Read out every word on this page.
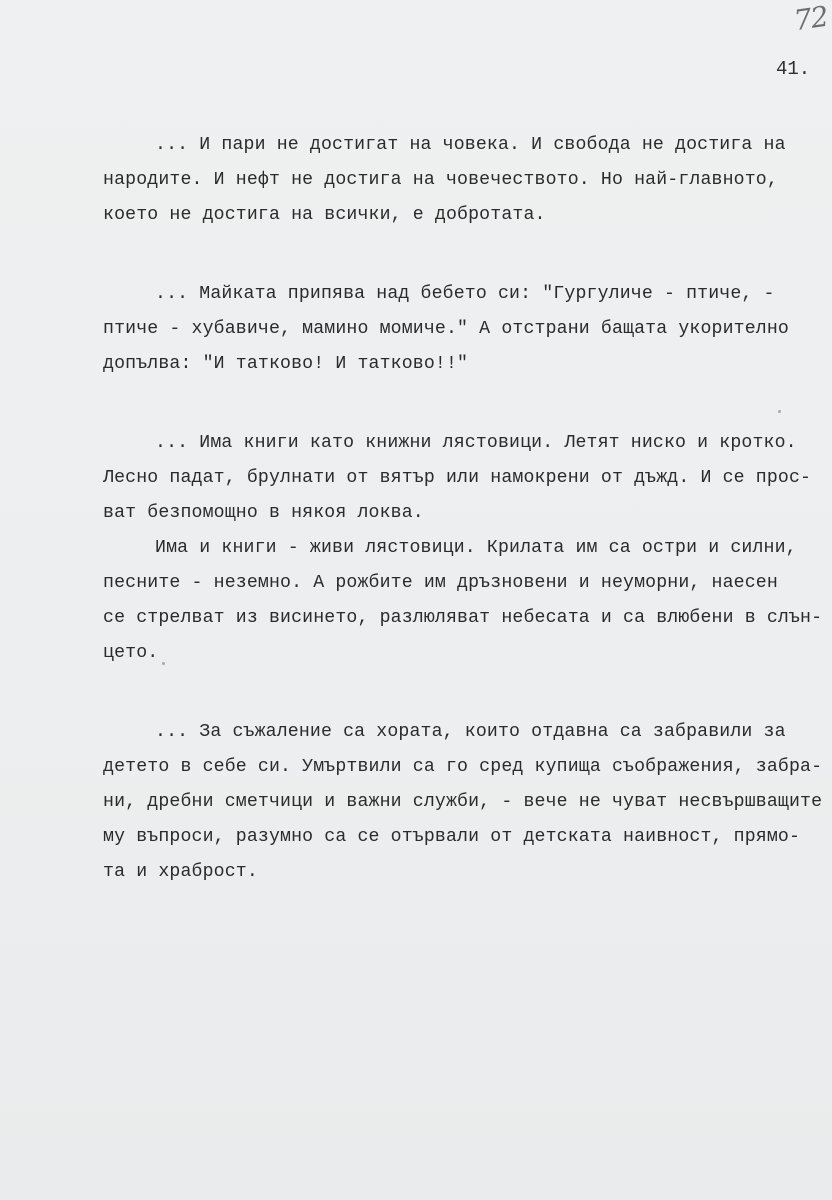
72
41.
... И пари не достигат на човека. И свобода не достига на
народите. И нефт не достига на човечеството. Но най-главното,
което не достига на всички, е добротата.
... Майката припява над бебето си: "Гургуличе - птиче, -
птиче - хубавиче, мамино момиче." А отстрани бащата укорително
допълва: "И татково! И татково!!"
... Има книги като книжни лястовици. Летят ниско и кротко.
Лесно падат, брулнати от вятър или намокрени от дъжд. И се прос-
ват безпомощно в някоя локва.
Има и книги - живи лястовици. Крилата им са остри и силни,
песните - неземно. А рожбите им дръзновени и неуморни, наесен
се стрелват из висинето, разлюляват небесата и са влюбени в слън-
цето.
... За съжаление са хората, които отдавна са забравили за
детето в себе си. Умъртвили са го сред купища съображения, забра-
ни, дребни сметчици и важни служби, - вече не чуват несвършващите
му въпроси, разумно са се отървали от детската наивност, прямо-
та и храброст.
